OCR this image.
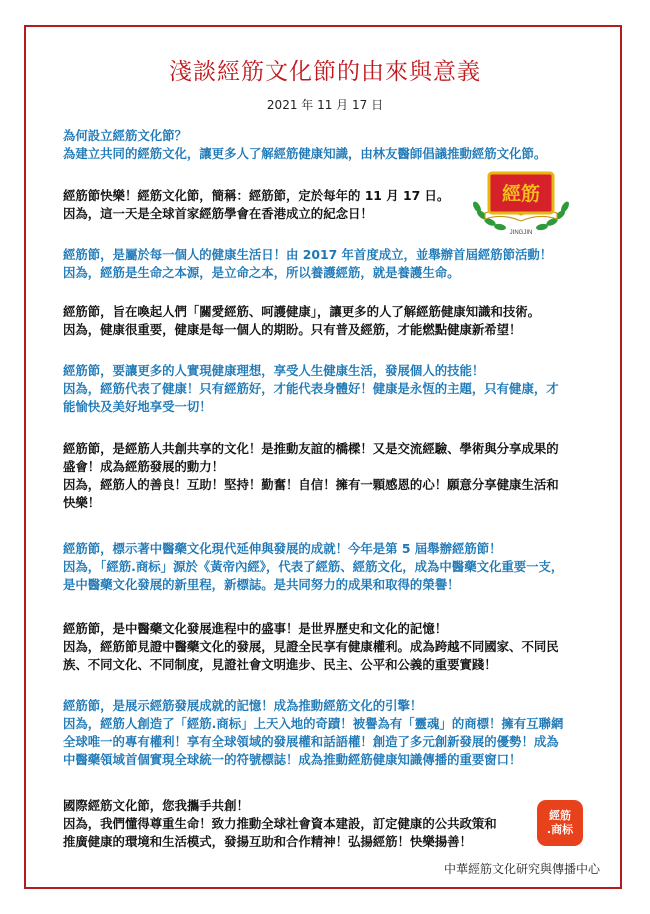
淺談經筋文化節的由來與意義
2021 年 11 月 17 日
為何設立經筋文化節？
為建立共同的經筋文化，讓更多人了解經筋健康知識，由林友醫師倡議推動經筋文化節。
經筋節快樂！經筋文化節，簡稱：經筋節，定於每年的 11 月 17 日。
因為，這一天是全球首家經筋學會在香港成立的紀念日！
經筋節，是屬於每一個人的健康生活日！由 2017 年首度成立，並舉辦首屆經筋節活動！
因為，經筋是生命之本源，是立命之本，所以養護經筋，就是養護生命。
經筋節，旨在喚起人們「關愛經筋、呵護健康」，讓更多的人了解經筋健康知識和技術。
因為，健康很重要，健康是每一個人的期盼。只有普及經筋，才能燃點健康新希望！
經筋節，要讓更多的人實現健康理想，享受人生健康生活，發展個人的技能！
因為，經筋代表了健康！只有經筋好，才能代表身體好！健康是永恆的主題，只有健康，才
能愉快及美好地享受一切！
經筋節，是經筋人共創共享的文化！是推動友誼的橋樑！又是交流經驗、學術與分享成果的
盛會！成為經筋發展的動力！
因為，經筋人的善良！互助！堅持！勤奮！自信！擁有一顆感恩的心！願意分享健康生活和
快樂！
經筋節，標示著中醫藥文化現代延伸與發展的成就！今年是第 5 屆舉辦經筋節！
因為，「經筋.商标」源於《黃帝內經》，代表了經筋、經筋文化，成為中醫藥文化重要一支，
是中醫藥文化發展的新里程，新標誌。是共同努力的成果和取得的榮譽！
經筋節，是中醫藥文化發展進程中的盛事！是世界歷史和文化的記憶！
因為，經筋節見證中醫藥文化的發展，見證全民享有健康權利。成為跨越不同國家、不同民
族、不同文化、不同制度，見證社會文明進步、民主、公平和公義的重要實踐！
經筋節，是展示經筋發展成就的記憶！成為推動經筋文化的引擎！
因為，經筋人創造了「經筋.商标」上天入地的奇蹟！被譽為有「靈魂」的商標！擁有互聯網
全球唯一的專有權利！享有全球領域的發展權和話語權！創造了多元創新發展的優勢！成為
中醫藥領域首個實現全球統一的符號標誌！成為推動經筋健康知識傳播的重要窗口！
國際經筋文化節，您我攜手共創！
因為，我們懂得尊重生命！致力推動全球社會資本建設，訂定健康的公共政策和
推廣健康的環境和生活模式，發揚互助和合作精神！弘揚經筋！快樂揚善！
經筋
JINGJIN
經筋
.商标
中華經筋文化研究與傳播中心
